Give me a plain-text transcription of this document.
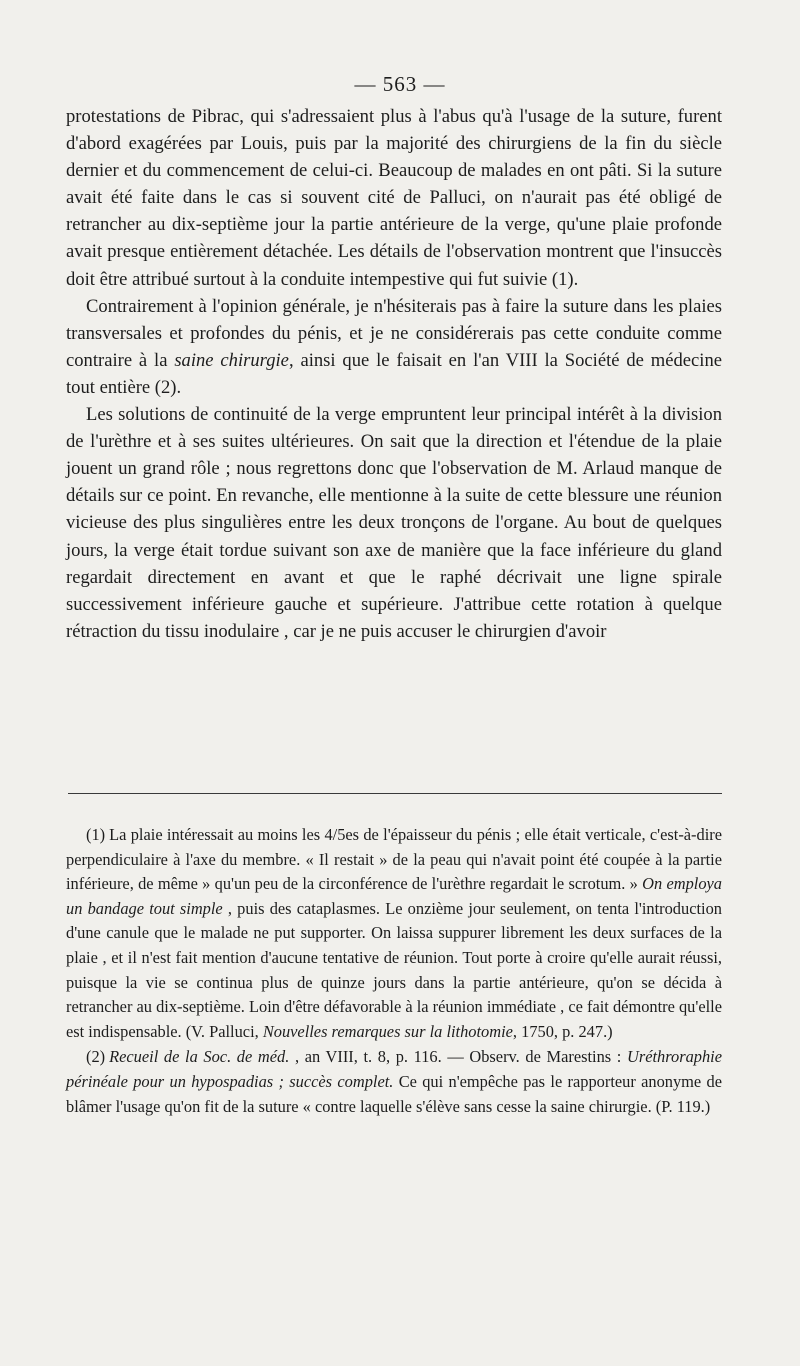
— 563 —

protestations de Pibrac, qui s'adressaient plus à l'abus qu'à l'usage de la suture, furent d'abord exagérées par Louis, puis par la majorité des chirurgiens de la fin du siècle dernier et du commencement de celui-ci. Beaucoup de malades en ont pâti. Si la suture avait été faite dans le cas si souvent cité de Palluci, on n'aurait pas été obligé de retrancher au dix-septième jour la partie antérieure de la verge, qu'une plaie profonde avait presque entièrement détachée. Les détails de l'observation montrent que l'insuccès doit être attribué surtout à la conduite intempestive qui fut suivie (1).

Contrairement à l'opinion générale, je n'hésiterais pas à faire la suture dans les plaies transversales et profondes du pénis, et je ne considérerais pas cette conduite comme contraire à la saine chirurgie, ainsi que le faisait en l'an VIII la Société de médecine tout entière (2).

Les solutions de continuité de la verge empruntent leur principal intérêt à la division de l'urèthre et à ses suites ultérieures. On sait que la direction et l'étendue de la plaie jouent un grand rôle ; nous regrettons donc que l'observation de M. Arlaud manque de détails sur ce point. En revanche, elle mentionne à la suite de cette blessure une réunion vicieuse des plus singulières entre les deux tronçons de l'organe. Au bout de quelques jours, la verge était tordue suivant son axe de manière que la face inférieure du gland regardait directement en avant et que le raphé décrivait une ligne spirale successivement inférieure gauche et supérieure. J'attribue cette rotation à quelque rétraction du tissu inodulaire , car je ne puis accuser le chirurgien d'avoir

(1) La plaie intéressait au moins les 4/5es de l'épaisseur du pénis ; elle était verticale, c'est-à-dire perpendiculaire à l'axe du membre. « Il restait » de la peau qui n'avait point été coupée à la partie inférieure, de même » qu'un peu de la circonférence de l'urèthre regardait le scrotum. » On employa un bandage tout simple , puis des cataplasmes. Le onzième jour seulement, on tenta l'introduction d'une canule que le malade ne put supporter. On laissa suppurer librement les deux surfaces de la plaie , et il n'est fait mention d'aucune tentative de réunion. Tout porte à croire qu'elle aurait réussi, puisque la vie se continua plus de quinze jours dans la partie antérieure, qu'on se décida à retrancher au dix-septième. Loin d'être défavorable à la réunion immédiate , ce fait démontre qu'elle est indispensable. (V. Palluci, Nouvelles remarques sur la lithotomie, 1750, p. 247.)

(2) Recueil de la Soc. de méd. , an VIII, t. 8, p. 116. — Observ. de Marestins : Uréthroraphie périnéale pour un hypospadias ; succès complet. Ce qui n'empêche pas le rapporteur anonyme de blâmer l'usage qu'on fit de la suture « contre laquelle s'élève sans cesse la saine chirurgie. (P. 119.)
